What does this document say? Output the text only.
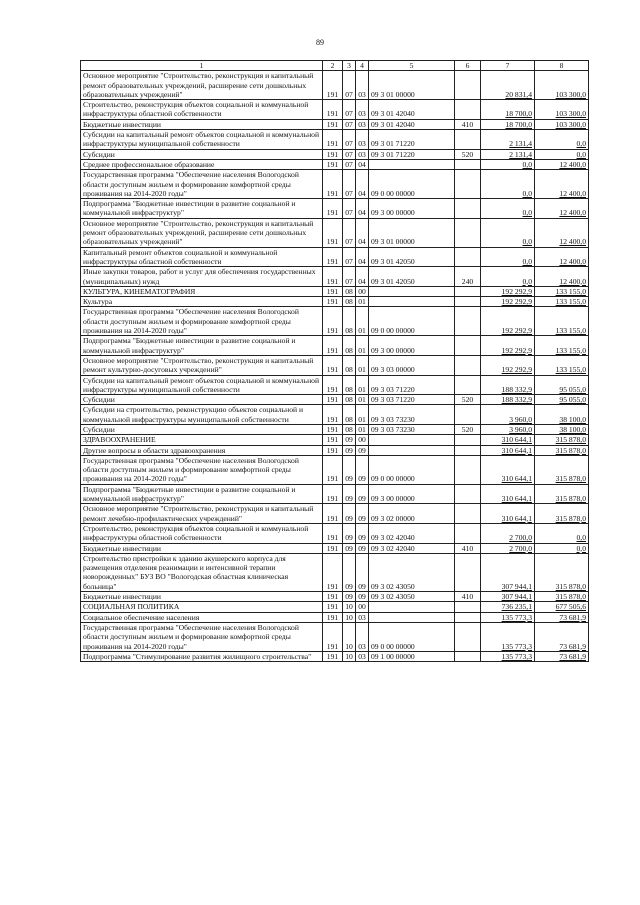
89
1	2	3	4	5	6	7	8
Основное мероприятие "Строительство, реконструкция и капитальный ремонт образовательных учреждений, расширение сети дошкольных образовательных учреждений"	191	07	03	09 3 01 00000		20 831,4	103 300,0
Строительство, реконструкция объектов социальной и коммунальной инфраструктуры областной собственности	191	07	03	09 3 01 42040		18 700,0	103 300,0
Бюджетные инвестиции	191	07	03	09 3 01 42040	410	18 700,0	103 300,0
Субсидии на капитальный ремонт объектов социальной и коммунальной инфраструктуры муниципальной собственности	191	07	03	09 3 01 71220		2 131,4	0,0
Субсидии	191	07	03	09 3 01 71220	520	2 131,4	0,0
Среднее профессиональное образование	191	07	04			0,0	12 400,0
Государственная программа "Обеспечение населения Вологодской области доступным жильем и формирование комфортной среды проживания на 2014-2020 годы"	191	07	04	09 0 00 00000		0,0	12 400,0
Подпрограмма "Бюджетные инвестиции в развитие социальной и коммунальной инфраструктур"	191	07	04	09 3 00 00000		0,0	12 400,0
Основное мероприятие "Строительство, реконструкция и капитальный ремонт образовательных учреждений, расширение сети дошкольных образовательных учреждений"	191	07	04	09 3 01 00000		0,0	12 400,0
Капитальный ремонт объектов социальной и коммунальной инфраструктуры областной собственности	191	07	04	09 3 01 42050		0,0	12 400,0
Иные закупки товаров, работ и услуг для обеспечения государственных (муниципальных) нужд	191	07	04	09 3 01 42050	240	0,0	12 400,0
КУЛЬТУРА, КИНЕМАТОГРАФИЯ	191	08	00			192 292,9	133 155,0
Культура	191	08	01			192 292,9	133 155,0
Государственная программа "Обеспечение населения Вологодской области доступным жильем и формирование комфортной среды проживания на 2014-2020 годы"	191	08	01	09 0 00 00000		192 292,9	133 155,0
Подпрограмма "Бюджетные инвестиции в развитие социальной и коммунальной инфраструктур"	191	08	01	09 3 00 00000		192 292,9	133 155,0
Основное мероприятие "Строительство, реконструкция и капитальный ремонт культурно-досуговых учреждений"	191	08	01	09 3 03 00000		192 292,9	133 155,0
Субсидии на капитальный ремонт объектов социальной и коммунальной инфраструктуры муниципальной собственности	191	08	01	09 3 03 71220		188 332,9	95 055,0
Субсидии	191	08	01	09 3 03 71220	520	188 332,9	95 055,0
Субсидии на строительство, реконструкцию объектов социальной и коммунальной инфраструктуры муниципальной собственности	191	08	01	09 3 03 73230		3 960,0	38 100,0
Субсидии	191	08	01	09 3 03 73230	520	3 960,0	38 100,0
ЗДРАВООХРАНЕНИЕ	191	09	00			310 644,1	315 878,0
Другие вопросы в области здравоохранения	191	09	09			310 644,1	315 878,0
Государственная программа "Обеспечение населения Вологодской области доступным жильем и формирование комфортной среды проживания на 2014-2020 годы"	191	09	09	09 0 00 00000		310 644,1	315 878,0
Подпрограмма "Бюджетные инвестиции в развитие социальной и коммунальной инфраструктур"	191	09	09	09 3 00 00000		310 644,1	315 878,0
Основное мероприятие "Строительство, реконструкция и капитальный ремонт лечебно-профилактических учреждений"	191	09	09	09 3 02 00000		310 644,1	315 878,0
Строительство, реконструкция объектов социальной и коммунальной инфраструктуры областной собственности	191	09	09	09 3 02 42040		2 700,0	0,0
Бюджетные инвестиции	191	09	09	09 3 02 42040	410	2 700,0	0,0
Строительство пристройки к зданию акушерского корпуса для размещения отделения реанимации и интенсивной терапии новорожденных" БУЗ ВО "Вологодская областная клиническая больница"	191	09	09	09 3 02 43050		307 944,1	315 878,0
Бюджетные инвестиции	191	09	09	09 3 02 43050	410	307 944,1	315 878,0
СОЦИАЛЬНАЯ ПОЛИТИКА	191	10	00			736 235,1	677 505,6
Социальное обеспечение населения	191	10	03			135 773,3	73 681,9
Государственная программа "Обеспечение населения Вологодской области доступным жильем и формирование комфортной среды проживания на 2014-2020 годы"	191	10	03	09 0 00 00000		135 773,3	73 681,9
Подпрограмма "Стимулирование развития жилищного строительства"	191	10	03	09 1 00 00000		135 773,3	73 681,9
